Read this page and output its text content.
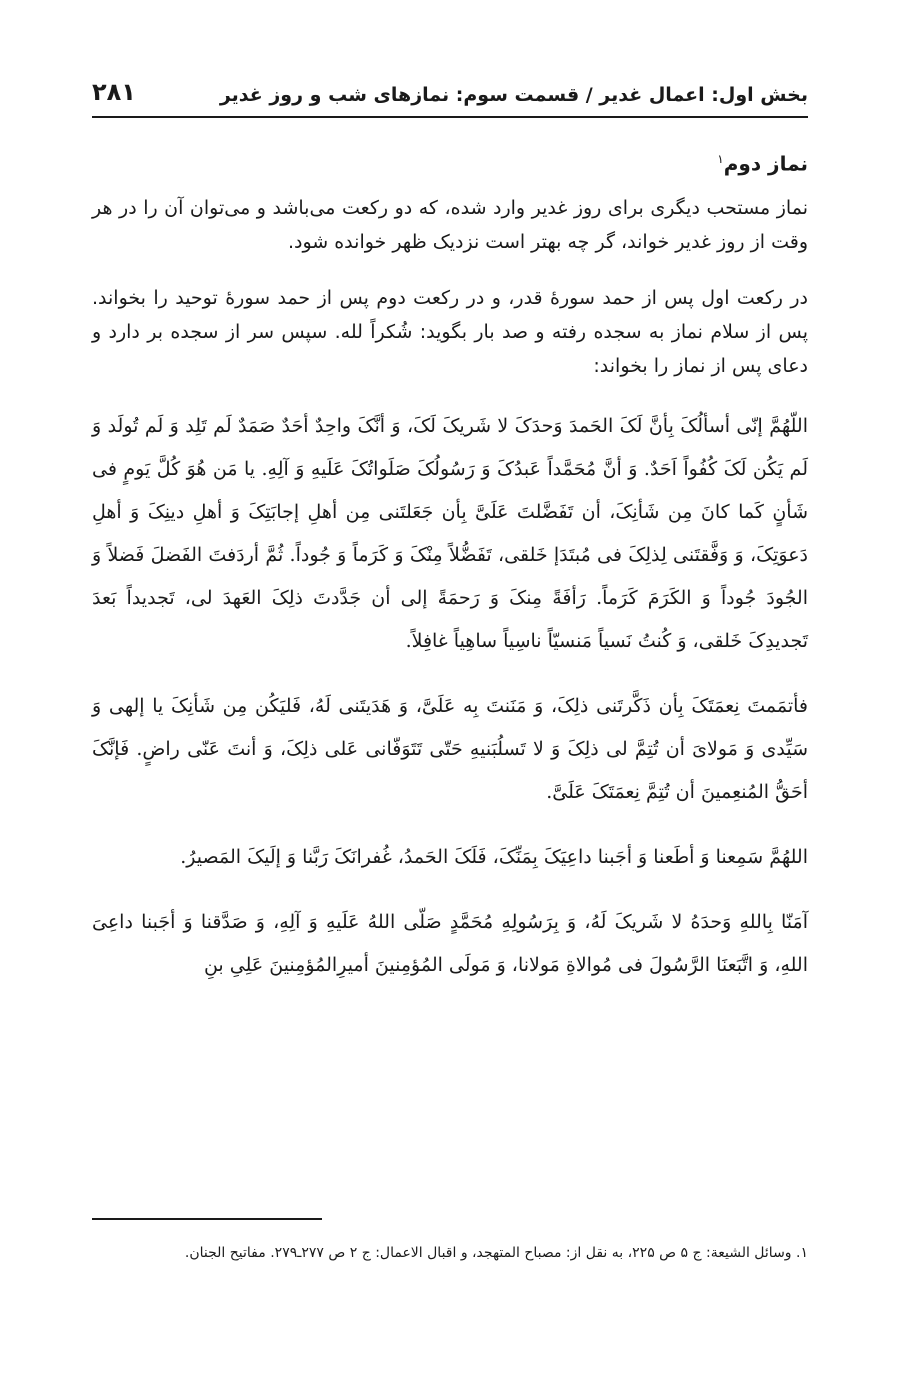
بخش اول: اعمال غدیر / قسمت سوم: نمازهای شب و روز غدیر
۲۸۱
نماز دوم$^۱$

نماز مستحب دیگری برای روز غدیر وارد شده، که دو رکعت می‌باشد و می‌توان آن را در هر وقت از روز غدیر خواند، گر چه بهتر است نزدیک ظهر خوانده شود.

در رکعت اول پس از حمد سورهٔ قدر، و در رکعت دوم پس از حمد سورهٔ توحید را بخواند. پس از سلام نماز به سجده رفته و صد بار بگوید: شُکراً لله. سپس سر از سجده بر دارد و دعای پس از نماز را بخواند:

اللّهُمَّ إنّی أسألُکَ بِأنَّ لَکَ الحَمدَ وَحدَکَ لا شَریکَ لَکَ، وَ أنَّکَ واحِدٌ أحَدٌ صَمَدٌ لَم تَلِد وَ لَم تُولَد وَ لَم یَکُن لَکَ کُفُواً اَحَدٌ. وَ أنَّ مُحَمَّداً عَبدُکَ وَ رَسُولُکَ صَلَواتُکَ عَلَیهِ وَ آلِهِ. یا مَن هُوَ کُلَّ یَومٍ فی شَأنٍ کَما کانَ مِن شَأنِکَ، أن تَفَضَّلتَ عَلَیَّ بِأن جَعَلتَنی مِن أهلِ إجابَتِکَ وَ أهلِ دینِکَ وَ أهلِ دَعوَتِکَ، وَ وَفَّقتَنی لِذلِکَ فی مُبتَدَإ خَلقی، تَفَضُّلاً مِنْکَ وَ کَرَماً وَ جُوداً. ثُمَّ أردَفتَ الفَضلَ فَضلاً وَ الجُودَ جُوداً وَ الکَرَمَ کَرَماً. رَأفَةً مِنکَ وَ رَحمَةً إلی أن جَدَّدتَ ذلِکَ العَهدَ لی، تَجدیداً بَعدَ تَجدیدِکَ خَلقی، وَ کُنتُ نَسیاً مَنسیّاً ناسِیاً ساهِیاً غافِلاً.

فأتمَمتَ نِعمَتَکَ بِأن ذَکَّرتَنی ذلِکَ، وَ مَنَنتَ بِه عَلَیَّ، وَ هَدَیتَنی لَهُ، فَلیَکُن مِن شَأنِکَ یا إلهی وَ سَیِّدی وَ مَولایَ أن تُتِمَّ لی ذلِکَ وَ لا تَسلُبَنیهِ حَتّی تَتَوَفّانی عَلی ذلِکَ، وَ أنتَ عَنّی راضٍ. فَإنَّکَ أحَقُّ المُنعِمینَ أن تُتِمَّ نِعمَتَکَ عَلَیَّ.

اللهُمَّ سَمِعنا وَ أطَعنا وَ أجَبنا داعِیَکَ بِمَنِّکَ، فَلَکَ الحَمدُ، غُفرانَکَ رَبَّنا وَ إلَیکَ المَصیرُ.

آمَنّا بِاللهِ وَحدَهُ لا شَریکَ لَهُ، وَ بِرَسُولِهِ مُحَمَّدٍ صَلّی اللهُ عَلَیهِ وَ آلِهِ، وَ صَدَّقنا وَ أجَبنا داعِیَ اللهِ، وَ اتَّبَعنَا الرَّسُولَ فی مُوالاةِ مَولانا، وَ مَولَی المُؤمِنینَ أمیرِالمُؤمِنینَ عَلِیِ بنِ

۱. وسائل الشیعة: ج ۵ ص ۲۲۵، به نقل از: مصباح المتهجد، و اقبال الاعمال: ج ۲ ص ۲۷۷ـ۲۷۹. مفاتیح الجنان.
